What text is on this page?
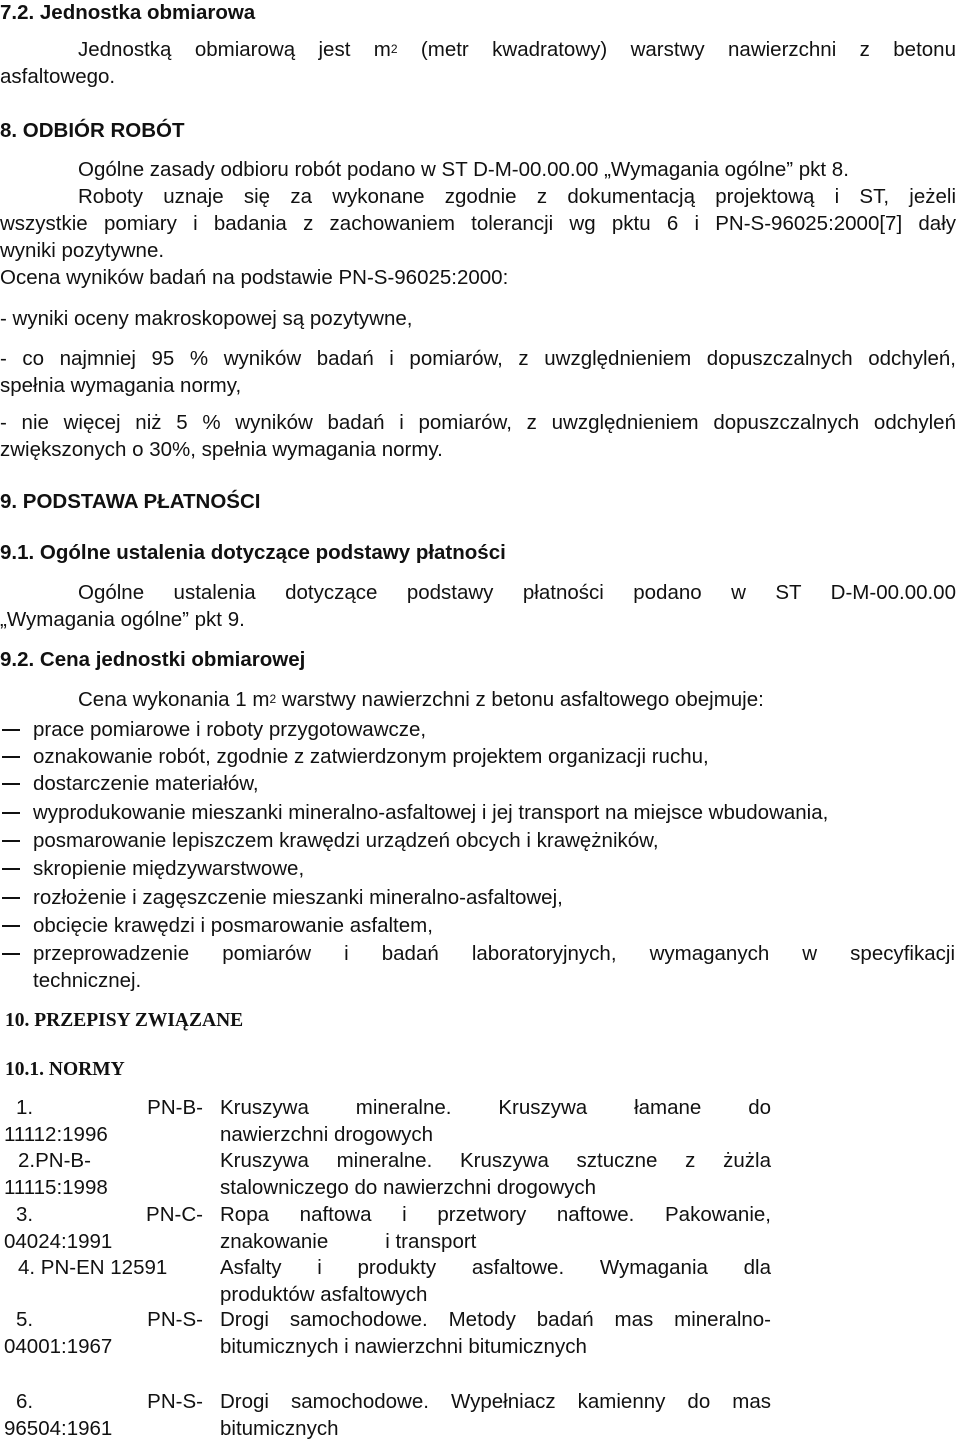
7.2. Jednostka obmiarowa
Jednostką obmiarową jest $m^2$ (metr kwadratowy) warstwy nawierzchni z betonu
asfaltowego.
8. ODBIÓR ROBÓT
Ogólne zasady odbioru robót podano w ST D-M-00.00.00 „Wymagania ogólne” pkt 8.
Roboty uznaje się za wykonane zgodnie z dokumentacją projektową i ST, jeżeli
wszystkie pomiary i badania z zachowaniem tolerancji wg pktu 6 i PN-S-96025:2000[7] dały
wyniki pozytywne.
Ocena wyników badań na podstawie PN-S-96025:2000:
- wyniki oceny makroskopowej są pozytywne,
- co najmniej 95 % wyników badań i pomiarów, z uwzględnieniem dopuszczalnych odchyleń,
spełnia wymagania normy,
- nie więcej niż 5 % wyników badań i pomiarów, z uwzględnieniem dopuszczalnych odchyleń
zwiększonych o 30%, spełnia wymagania normy.
9. PODSTAWA PŁATNOŚCI
9.1. Ogólne ustalenia dotyczące podstawy płatności
Ogólne ustalenia dotyczące podstawy płatności podano w ST D-M-00.00.00
„Wymagania ogólne” pkt 9.
9.2. Cena jednostki obmiarowej
Cena wykonania 1 $m^2$ warstwy nawierzchni z betonu asfaltowego obejmuje:
prace pomiarowe i roboty przygotowawcze,
oznakowanie robót, zgodnie z zatwierdzonym projektem organizacji ruchu,
dostarczenie materiałów,
wyprodukowanie mieszanki mineralno-asfaltowej i jej transport na miejsce wbudowania,
posmarowanie lepiszczem krawędzi urządzeń obcych i krawężników,
skropienie międzywarstwowe,
rozłożenie i zagęszczenie mieszanki mineralno-asfaltowej,
obcięcie krawędzi i posmarowanie asfaltem,
przeprowadzenie pomiarów i badań laboratoryjnych, wymaganych w specyfikacji
technicznej.
10. PRZEPISY ZWIĄZANE
10.1. NORMY
1. PN-B-
11112:1996
Kruszywa mineralne. Kruszywa łamane do
nawierzchni drogowych
2.PN-B-
11115:1998
Kruszywa mineralne. Kruszywa sztuczne z żużla
stalowniczego do nawierzchni drogowych
3. PN-C-
04024:1991
Ropa naftowa i przetwory naftowe. Pakowanie,
znakowanie          i transport
4. PN-EN 12591	Asfalty i produkty asfaltowe. Wymagania dla
produktów asfaltowych
5. PN-S-
04001:1967
Drogi samochodowe. Metody badań mas mineralno-
bitumicznych i nawierzchni bitumicznych
6. PN-S-
96504:1961
Drogi samochodowe. Wypełniacz kamienny do mas
bitumicznych
